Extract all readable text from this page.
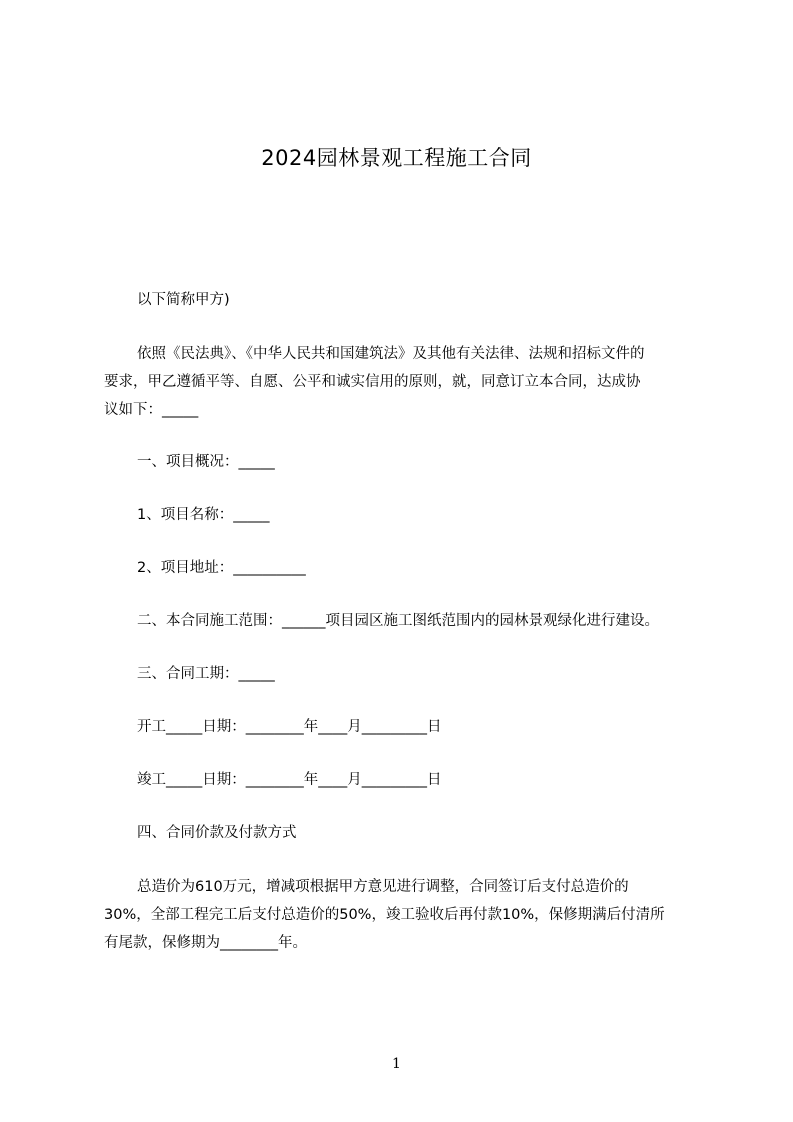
2024园林景观工程施工合同
以下简称甲方)
依照《民法典》、《中华人民共和国建筑法》及其他有关法律、法规和招标文件的
要求，甲乙遵循平等、自愿、公平和诚实信用的原则，就，同意订立本合同，达成协
议如下：_____
一、项目概况：_____
1、项目名称：_____
2、项目地址：__________
二、本合同施工范围：______项目园区施工图纸范围内的园林景观绿化进行建设。
三、合同工期：_____
开工_____日期：________年____月_________日
竣工_____日期：________年____月_________日
四、合同价款及付款方式
总造价为610万元，增减项根据甲方意见进行调整，合同签订后支付总造价的
30%，全部工程完工后支付总造价的50%，竣工验收后再付款10%，保修期满后付清所
有尾款，保修期为________年。
1
